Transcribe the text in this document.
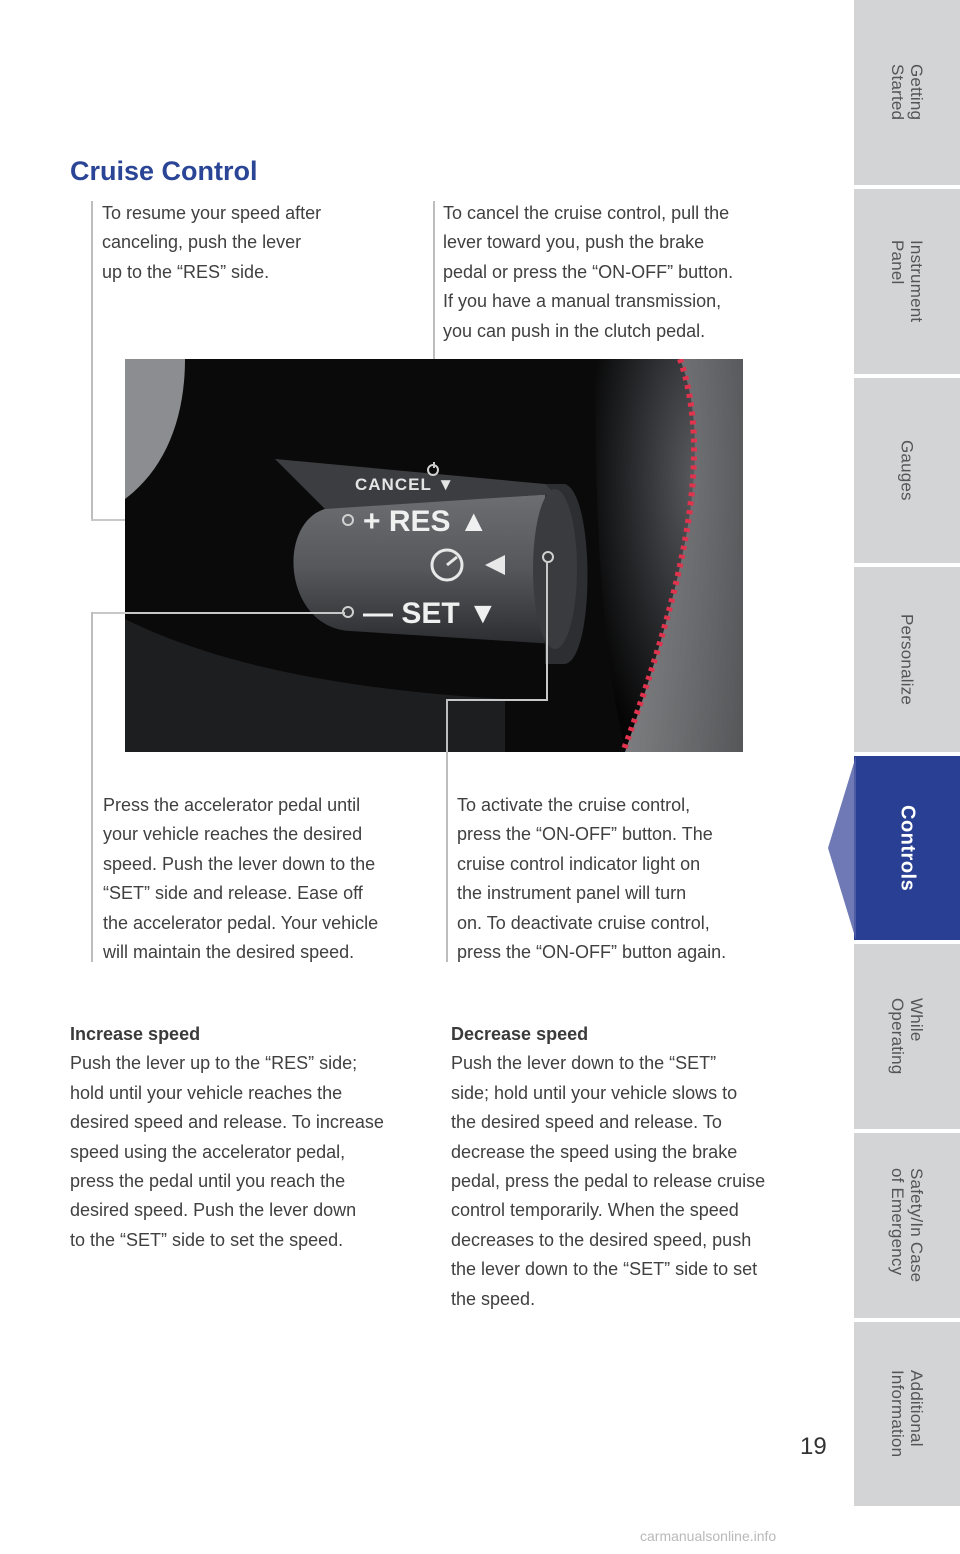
Getting
Started
Instrument
Panel
Gauges
Personalize
Controls
While
Operating
Safety/In Case
of Emergency
Additional
Information
Cruise Control
To resume your speed after
canceling, push the lever
up to the “RES” side.
To cancel the cruise control, pull the
lever toward you, push the brake
pedal or press the “ON-OFF” button.
If you have a manual transmission,
you can push in the clutch pedal.
CANCEL ▼
+ RES ▲
— SET ▼
Press the accelerator pedal until
your vehicle reaches the desired
speed. Push the lever down to the
“SET” side and release. Ease off
the accelerator pedal. Your vehicle
will maintain the desired speed.
To activate the cruise control,
press the “ON-OFF” button. The
cruise control indicator light on
the instrument panel will turn
on. To deactivate cruise control,
press the “ON-OFF” button again.
Increase speed
Push the lever up to the “RES” side;
hold until your vehicle reaches the
desired speed and release. To increase
speed using the accelerator pedal,
press the pedal until you reach the
desired speed. Push the lever down
to the “SET” side to set the speed.
Decrease speed
Push the lever down to the “SET”
side; hold until your vehicle slows to
the desired speed and release. To
decrease the speed using the brake
pedal, press the pedal to release cruise
control temporarily. When the speed
decreases to the desired speed, push
the lever down to the “SET” side to set
the speed.
19
carmanualsonline.info
